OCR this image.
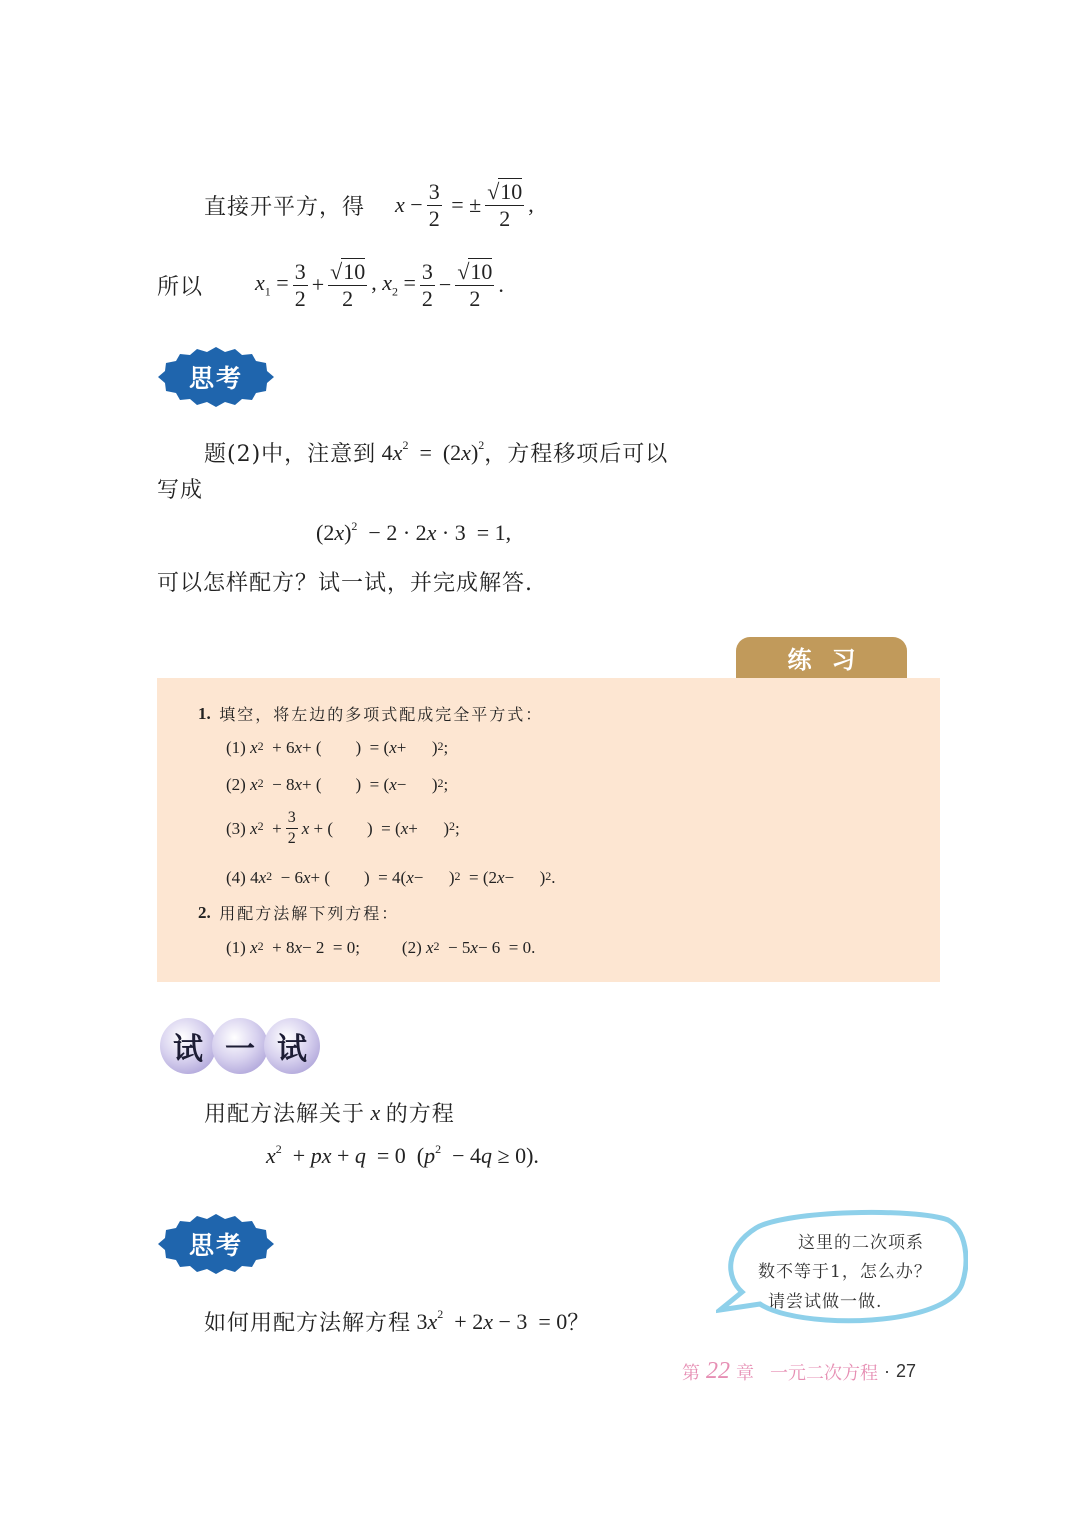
直接开平方，得 $x - \frac{3}{2}$ = ± $\frac{√10}{2}$ ,
所以 $x_1 = \frac{3}{2} + \frac{√10}{2}$ , $x_2 = \frac{3}{2} - \frac{√10}{2}$ .
思考
题(2)中，注意到 $4x^2 = (2x)^2$ ，方程移项后可以
写成
$(2x)^2 - 2 \cdot 2x \cdot 3 = 1$,
可以怎样配方？试一试，并完成解答.
练习
1.
填空，将左边的多项式配成完全平方式：
(1)
$x^2 + 6$ x + (        )  = ( x +      )$^2$ ;
(2)
$x^2 - 8$ x + (        )  = ( x −      )$^2$ ;
(3)
$x^2 + \frac{3}{2}$ x + (        )  = ( x +      )$^2$ ;
(4) 4 $x^2 - 6$ x + (        )  = 4( x −      )$^2$ = (2 x −      )$^2$ .
2.
用配方法解下列方程：
(1)
$x^2 + 8$ x − 2  = 0; (2)
$x^2 - 5$ x − 6  = 0.
试 一 试
用配方法解关于 x 的方程
$x^2$  + px + q  = 0  $(p^2 - 4q \ge 0)$.
思考
如何用配方法解方程 $3x^2 + 2x - 3 = 0$ ？
这里的二次项系
数不等于1，怎么办？
请尝试做一做.
第 22 章 一元二次方程 · 27
